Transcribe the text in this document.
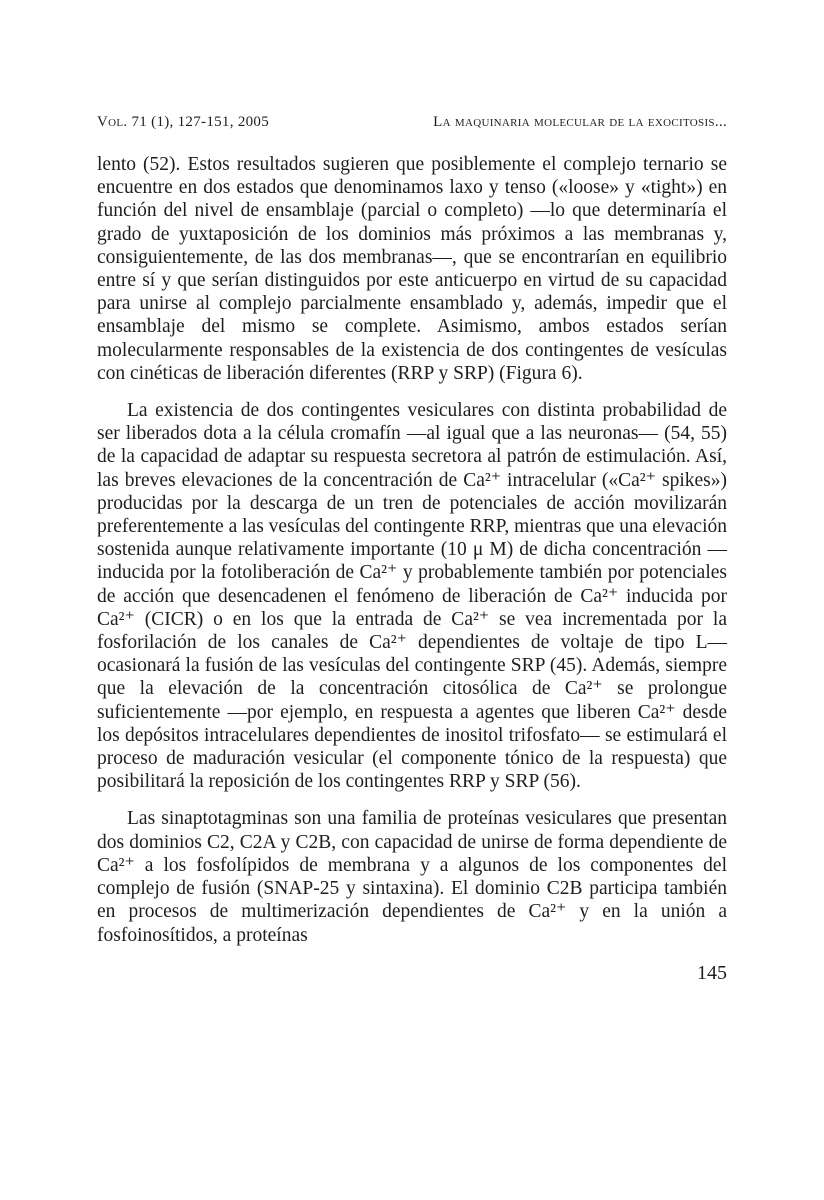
Vol. 71 (1), 127-151, 2005	La maquinaria molecular de la exocitosis...

lento (52). Estos resultados sugieren que posiblemente el complejo ternario se encuentre en dos estados que denominamos laxo y tenso («loose» y «tight») en función del nivel de ensamblaje (parcial o completo) —lo que determinaría el grado de yuxtaposición de los dominios más próximos a las membranas y, consiguientemente, de las dos membranas—, que se encontrarían en equilibrio entre sí y que serían distinguidos por este anticuerpo en virtud de su capacidad para unirse al complejo parcialmente ensamblado y, además, impedir que el ensamblaje del mismo se complete. Asimismo, ambos estados serían molecularmente responsables de la existencia de dos contingentes de vesículas con cinéticas de liberación diferentes (RRP y SRP) (Figura 6).

La existencia de dos contingentes vesiculares con distinta probabilidad de ser liberados dota a la célula cromafín —al igual que a las neuronas— (54, 55) de la capacidad de adaptar su respuesta secretora al patrón de estimulación. Así, las breves elevaciones de la concentración de Ca²⁺ intracelular («Ca²⁺ spikes») producidas por la descarga de un tren de potenciales de acción movilizarán preferentemente a las vesículas del contingente RRP, mientras que una elevación sostenida aunque relativamente importante (10 μ M) de dicha concentración —inducida por la fotoliberación de Ca²⁺ y probablemente también por potenciales de acción que desencadenen el fenómeno de liberación de Ca²⁺ inducida por Ca²⁺ (CICR) o en los que la entrada de Ca²⁺ se vea incrementada por la fosforilación de los canales de Ca²⁺ dependientes de voltaje de tipo L— ocasionará la fusión de las vesículas del contingente SRP (45). Además, siempre que la elevación de la concentración citosólica de Ca²⁺ se prolongue suficientemente —por ejemplo, en respuesta a agentes que liberen Ca²⁺ desde los depósitos intracelulares dependientes de inositol trifosfato— se estimulará el proceso de maduración vesicular (el componente tónico de la respuesta) que posibilitará la reposición de los contingentes RRP y SRP (56).

Las sinaptotagminas son una familia de proteínas vesiculares que presentan dos dominios C2, C2A y C2B, con capacidad de unirse de forma dependiente de Ca²⁺ a los fosfolípidos de membrana y a algunos de los componentes del complejo de fusión (SNAP-25 y sintaxina). El dominio C2B participa también en procesos de multimerización dependientes de Ca²⁺ y en la unión a fosfoinosítidos, a proteínas

145
